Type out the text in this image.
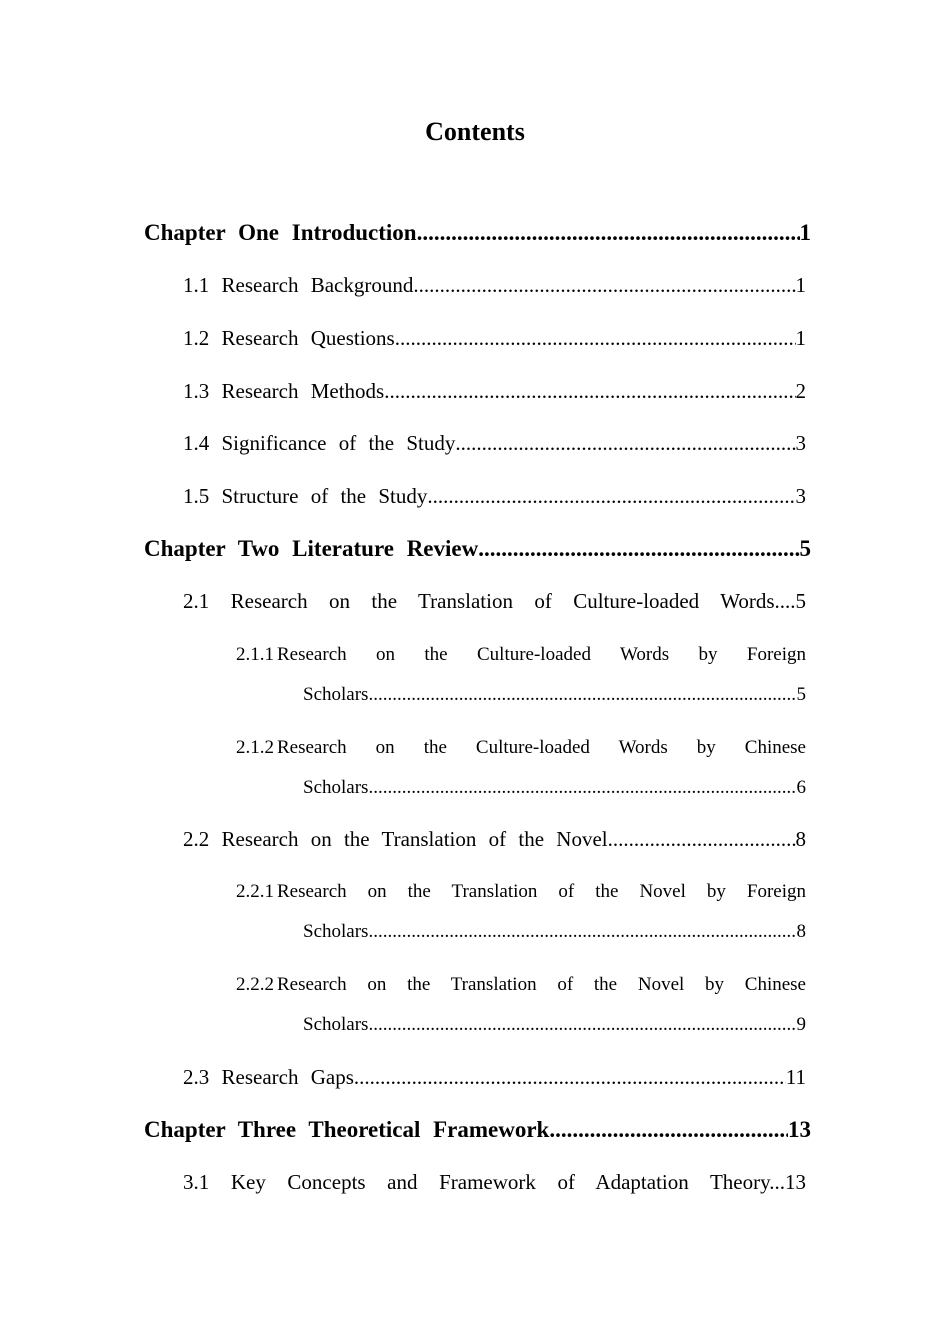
Contents
Chapter One Introduction .....	1
1.1 Research Background .....	1
1.2 Research Questions .....	1
1.3 Research Methods .....	2
1.4 Significance of the Study .....	3
1.5 Structure of the Study .....	3
Chapter Two Literature Review .....	5
2.1 Research on the Translation of Culture-loaded Words....5
2.1.1 Research on the Culture-loaded Words by Foreign
Scholars .....	5
2.1.2 Research on the Culture-loaded Words by Chinese
Scholars .....	6
2.2 Research on the Translation of the Novel .....	8
2.2.1 Research on the Translation of the Novel by Foreign
Scholars .....	8
2.2.2 Research on the Translation of the Novel by Chinese
Scholars .....	9
2.3 Research Gaps .....	11
Chapter Three Theoretical Framework .....	13
3.1 Key Concepts and Framework of Adaptation Theory...13
